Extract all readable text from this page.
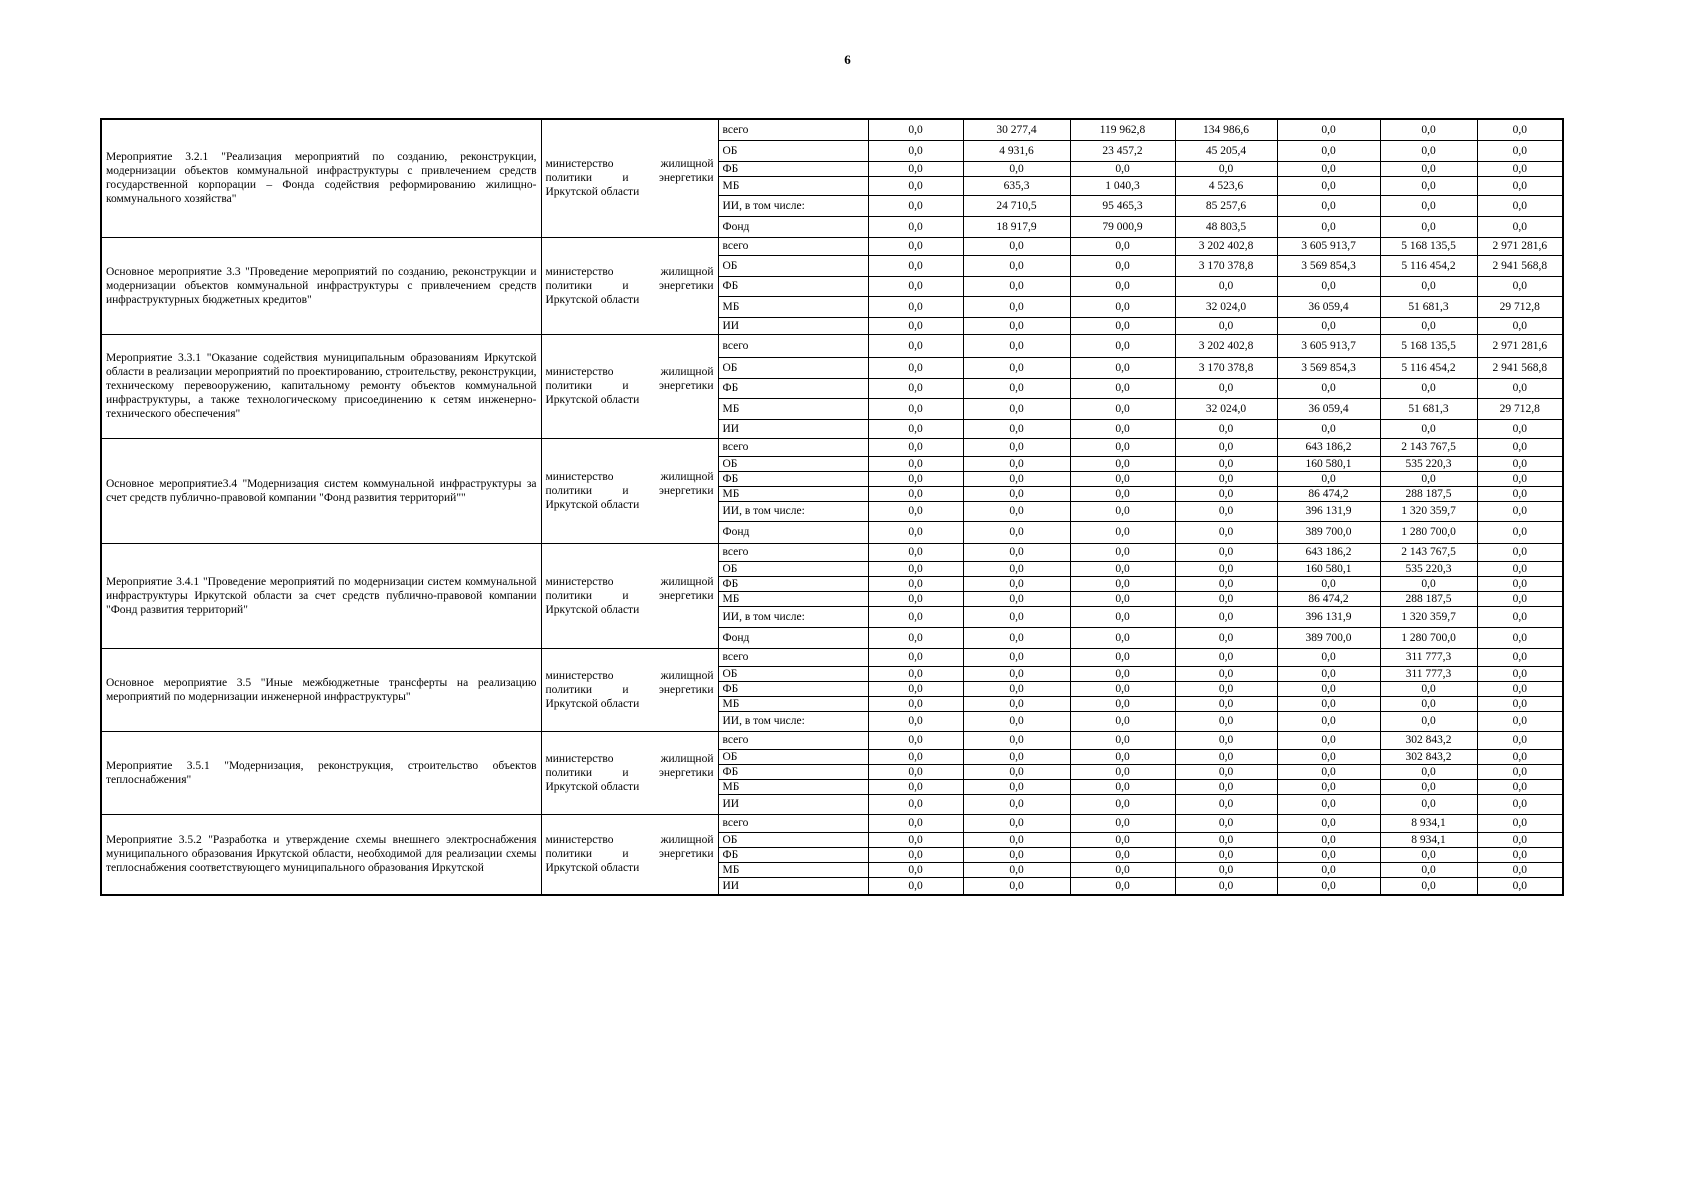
6
Мероприятие 3.2.1 "Реализация мероприятий по созданию, реконструкции, модернизации объектов коммунальной инфраструктуры с привлечением средств государственной корпорации – Фонда содействия реформированию жилищно-коммунального хозяйства"	министерство жилищной политики и энергетики Иркутской области	всего	0,0	30 277,4	119 962,8	134 986,6	0,0	0,0	0,0
		ОБ	0,0	4 931,6	23 457,2	45 205,4	0,0	0,0	0,0
		ФБ	0,0	0,0	0,0	0,0	0,0	0,0	0,0
		МБ	0,0	635,3	1 040,3	4 523,6	0,0	0,0	0,0
		ИИ, в том числе:	0,0	24 710,5	95 465,3	85 257,6	0,0	0,0	0,0
		Фонд	0,0	18 917,9	79 000,9	48 803,5	0,0	0,0	0,0
Основное мероприятие 3.3 "Проведение мероприятий по созданию, реконструкции и модернизации объектов коммунальной инфраструктуры с привлечением средств инфраструктурных бюджетных кредитов"	министерство жилищной политики и энергетики Иркутской области	всего	0,0	0,0	0,0	3 202 402,8	3 605 913,7	5 168 135,5	2 971 281,6
		ОБ	0,0	0,0	0,0	3 170 378,8	3 569 854,3	5 116 454,2	2 941 568,8
		ФБ	0,0	0,0	0,0	0,0	0,0	0,0	0,0
		МБ	0,0	0,0	0,0	32 024,0	36 059,4	51 681,3	29 712,8
		ИИ	0,0	0,0	0,0	0,0	0,0	0,0	0,0
Мероприятие 3.3.1 "Оказание содействия муниципальным образованиям Иркутской области в реализации мероприятий по проектированию, строительству, реконструкции, техническому перевооружению, капитальному ремонту объектов коммунальной инфраструктуры, а также технологическому присоединению к сетям инженерно-технического обеспечения"	министерство жилищной политики и энергетики Иркутской области	всего	0,0	0,0	0,0	3 202 402,8	3 605 913,7	5 168 135,5	2 971 281,6
		ОБ	0,0	0,0	0,0	3 170 378,8	3 569 854,3	5 116 454,2	2 941 568,8
		ФБ	0,0	0,0	0,0	0,0	0,0	0,0	0,0
		МБ	0,0	0,0	0,0	32 024,0	36 059,4	51 681,3	29 712,8
		ИИ	0,0	0,0	0,0	0,0	0,0	0,0	0,0
Основное мероприятие3.4 "Модернизация систем коммунальной инфраструктуры за счет средств публично-правовой компании "Фонд развития территорий""	министерство жилищной политики и энергетики Иркутской области	всего	0,0	0,0	0,0	0,0	643 186,2	2 143 767,5	0,0
		ОБ	0,0	0,0	0,0	0,0	160 580,1	535 220,3	0,0
		ФБ	0,0	0,0	0,0	0,0	0,0	0,0	0,0
		МБ	0,0	0,0	0,0	0,0	86 474,2	288 187,5	0,0
		ИИ, в том числе:	0,0	0,0	0,0	0,0	396 131,9	1 320 359,7	0,0
		Фонд	0,0	0,0	0,0	0,0	389 700,0	1 280 700,0	0,0
Мероприятие 3.4.1 "Проведение мероприятий по модернизации систем коммунальной инфраструктуры Иркутской области за счет средств публично-правовой компании "Фонд развития территорий"	министерство жилищной политики и энергетики Иркутской области	всего	0,0	0,0	0,0	0,0	643 186,2	2 143 767,5	0,0
		ОБ	0,0	0,0	0,0	0,0	160 580,1	535 220,3	0,0
		ФБ	0,0	0,0	0,0	0,0	0,0	0,0	0,0
		МБ	0,0	0,0	0,0	0,0	86 474,2	288 187,5	0,0
		ИИ, в том числе:	0,0	0,0	0,0	0,0	396 131,9	1 320 359,7	0,0
		Фонд	0,0	0,0	0,0	0,0	389 700,0	1 280 700,0	0,0
Основное мероприятие 3.5 "Иные межбюджетные трансферты на реализацию мероприятий по модернизации инженерной инфраструктуры"	министерство жилищной политики и энергетики Иркутской области	всего	0,0	0,0	0,0	0,0	0,0	311 777,3	0,0
		ОБ	0,0	0,0	0,0	0,0	0,0	311 777,3	0,0
		ФБ	0,0	0,0	0,0	0,0	0,0	0,0	0,0
		МБ	0,0	0,0	0,0	0,0	0,0	0,0	0,0
		ИИ, в том числе:	0,0	0,0	0,0	0,0	0,0	0,0	0,0
Мероприятие 3.5.1 "Модернизация, реконструкция, строительство объектов теплоснабжения"	министерство жилищной политики и энергетики Иркутской области	всего	0,0	0,0	0,0	0,0	0,0	302 843,2	0,0
		ОБ	0,0	0,0	0,0	0,0	0,0	302 843,2	0,0
		ФБ	0,0	0,0	0,0	0,0	0,0	0,0	0,0
		МБ	0,0	0,0	0,0	0,0	0,0	0,0	0,0
		ИИ	0,0	0,0	0,0	0,0	0,0	0,0	0,0
Мероприятие 3.5.2 "Разработка и утверждение схемы внешнего электроснабжения муниципального образования Иркутской области, необходимой для реализации схемы теплоснабжения соответствующего муниципального образования Иркутской	министерство жилищной политики и энергетики Иркутской области	всего	0,0	0,0	0,0	0,0	0,0	8 934,1	0,0
		ОБ	0,0	0,0	0,0	0,0	0,0	8 934,1	0,0
		ФБ	0,0	0,0	0,0	0,0	0,0	0,0	0,0
		МБ	0,0	0,0	0,0	0,0	0,0	0,0	0,0
		ИИ	0,0	0,0	0,0	0,0	0,0	0,0	0,0
